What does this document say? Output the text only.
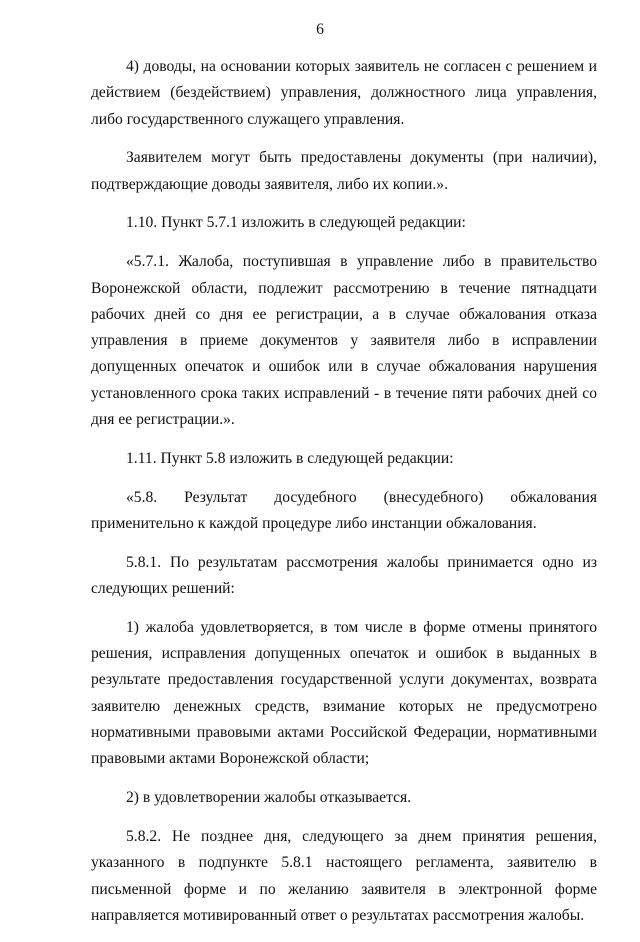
6

4) доводы, на основании которых заявитель не согласен с решением и действием (бездействием) управления, должностного лица управления, либо государственного служащего управления.

Заявителем могут быть предоставлены документы (при наличии), подтверждающие доводы заявителя, либо их копии.».

1.10. Пункт 5.7.1 изложить в следующей редакции:

«5.7.1. Жалоба, поступившая в управление либо в правительство Воронежской области, подлежит рассмотрению в течение пятнадцати рабочих дней со дня ее регистрации, а в случае обжалования отказа управления в приеме документов у заявителя либо в исправлении допущенных опечаток и ошибок или в случае обжалования нарушения установленного срока таких исправлений - в течение пяти рабочих дней со дня ее регистрации.».

1.11. Пункт 5.8 изложить в следующей редакции:

«5.8. Результат досудебного (внесудебного) обжалования применительно к каждой процедуре либо инстанции обжалования.

5.8.1. По результатам рассмотрения жалобы принимается одно из следующих решений:

1) жалоба удовлетворяется, в том числе в форме отмены принятого решения, исправления допущенных опечаток и ошибок в выданных в результате предоставления государственной услуги документах, возврата заявителю денежных средств, взимание которых не предусмотрено нормативными правовыми актами Российской Федерации, нормативными правовыми актами Воронежской области;

2) в удовлетворении жалобы отказывается.

5.8.2. Не позднее дня, следующего за днем принятия решения, указанного в подпункте 5.8.1 настоящего регламента, заявителю в письменной форме и по желанию заявителя в электронной форме направляется мотивированный ответ о результатах рассмотрения жалобы.
